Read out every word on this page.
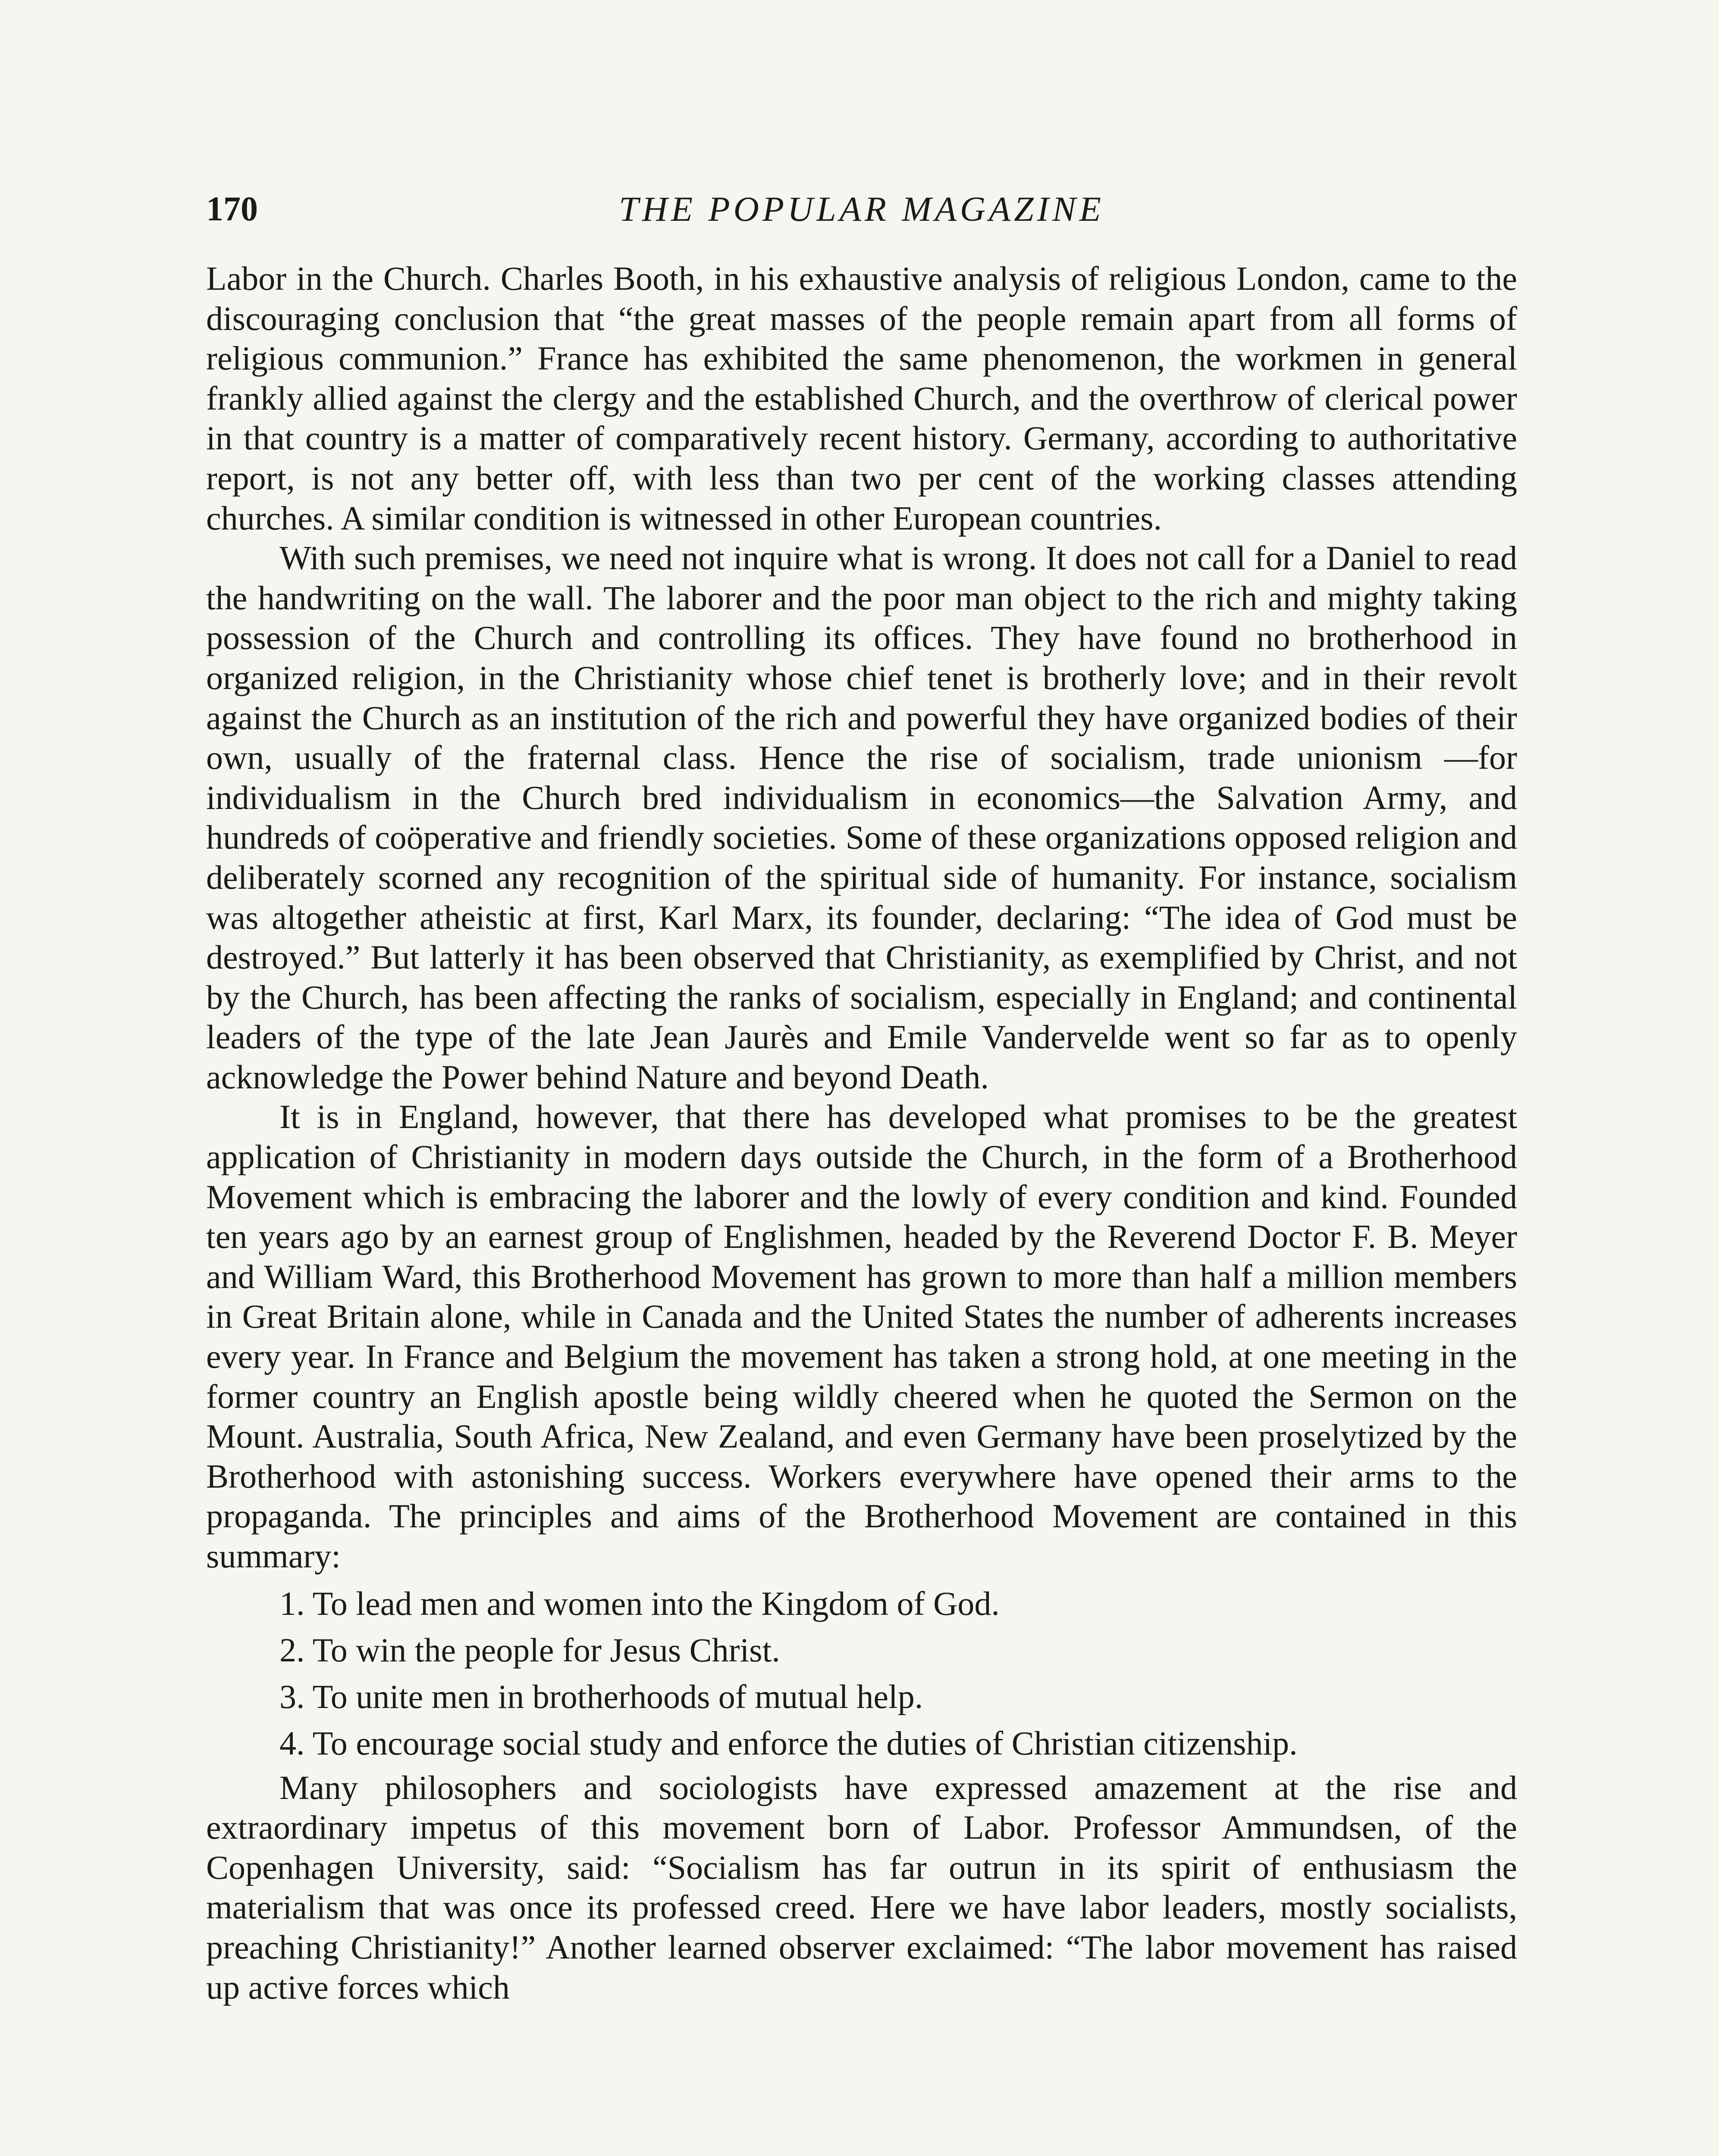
170	THE POPULAR MAGAZINE

Labor in the Church. Charles Booth, in his exhaustive analysis of religious London, came to the discouraging conclusion that “the great masses of the people remain apart from all forms of religious communion.” France has exhibited the same phenomenon, the workmen in general frankly allied against the clergy and the established Church, and the overthrow of clerical power in that country is a matter of comparatively recent history. Germany, according to authoritative report, is not any better off, with less than two per cent of the working classes attending churches. A similar condition is witnessed in other European countries.

With such premises, we need not inquire what is wrong. It does not call for a Daniel to read the handwriting on the wall. The laborer and the poor man object to the rich and mighty taking possession of the Church and controlling its offices. They have found no brotherhood in organized religion, in the Christianity whose chief tenet is brotherly love; and in their revolt against the Church as an institution of the rich and powerful they have organized bodies of their own, usually of the fraternal class. Hence the rise of socialism, trade unionism —for individualism in the Church bred individualism in economics—the Salvation Army, and hundreds of coöperative and friendly societies. Some of these organizations opposed religion and deliberately scorned any recognition of the spiritual side of humanity. For instance, socialism was altogether atheistic at first, Karl Marx, its founder, declaring: “The idea of God must be destroyed.” But latterly it has been observed that Christianity, as exemplified by Christ, and not by the Church, has been affecting the ranks of socialism, especially in England; and continental leaders of the type of the late Jean Jaurès and Emile Vandervelde went so far as to openly acknowledge the Power behind Nature and beyond Death.

It is in England, however, that there has developed what promises to be the greatest application of Christianity in modern days outside the Church, in the form of a Brotherhood Movement which is embracing the laborer and the lowly of every condition and kind. Founded ten years ago by an earnest group of Englishmen, headed by the Reverend Doctor F. B. Meyer and William Ward, this Brotherhood Movement has grown to more than half a million members in Great Britain alone, while in Canada and the United States the number of adherents increases every year. In France and Belgium the movement has taken a strong hold, at one meeting in the former country an English apostle being wildly cheered when he quoted the Sermon on the Mount. Australia, South Africa, New Zealand, and even Germany have been proselytized by the Brotherhood with astonishing success. Workers everywhere have opened their arms to the propaganda. The principles and aims of the Brotherhood Movement are contained in this summary:

1. To lead men and women into the Kingdom of God.
2. To win the people for Jesus Christ.
3. To unite men in brotherhoods of mutual help.
4. To encourage social study and enforce the duties of Christian citizenship.

Many philosophers and sociologists have expressed amazement at the rise and extraordinary impetus of this movement born of Labor. Professor Ammundsen, of the Copenhagen University, said: “Socialism has far outrun in its spirit of enthusiasm the materialism that was once its professed creed. Here we have labor leaders, mostly socialists, preaching Christianity!” Another learned observer exclaimed: “The labor movement has raised up active forces which
